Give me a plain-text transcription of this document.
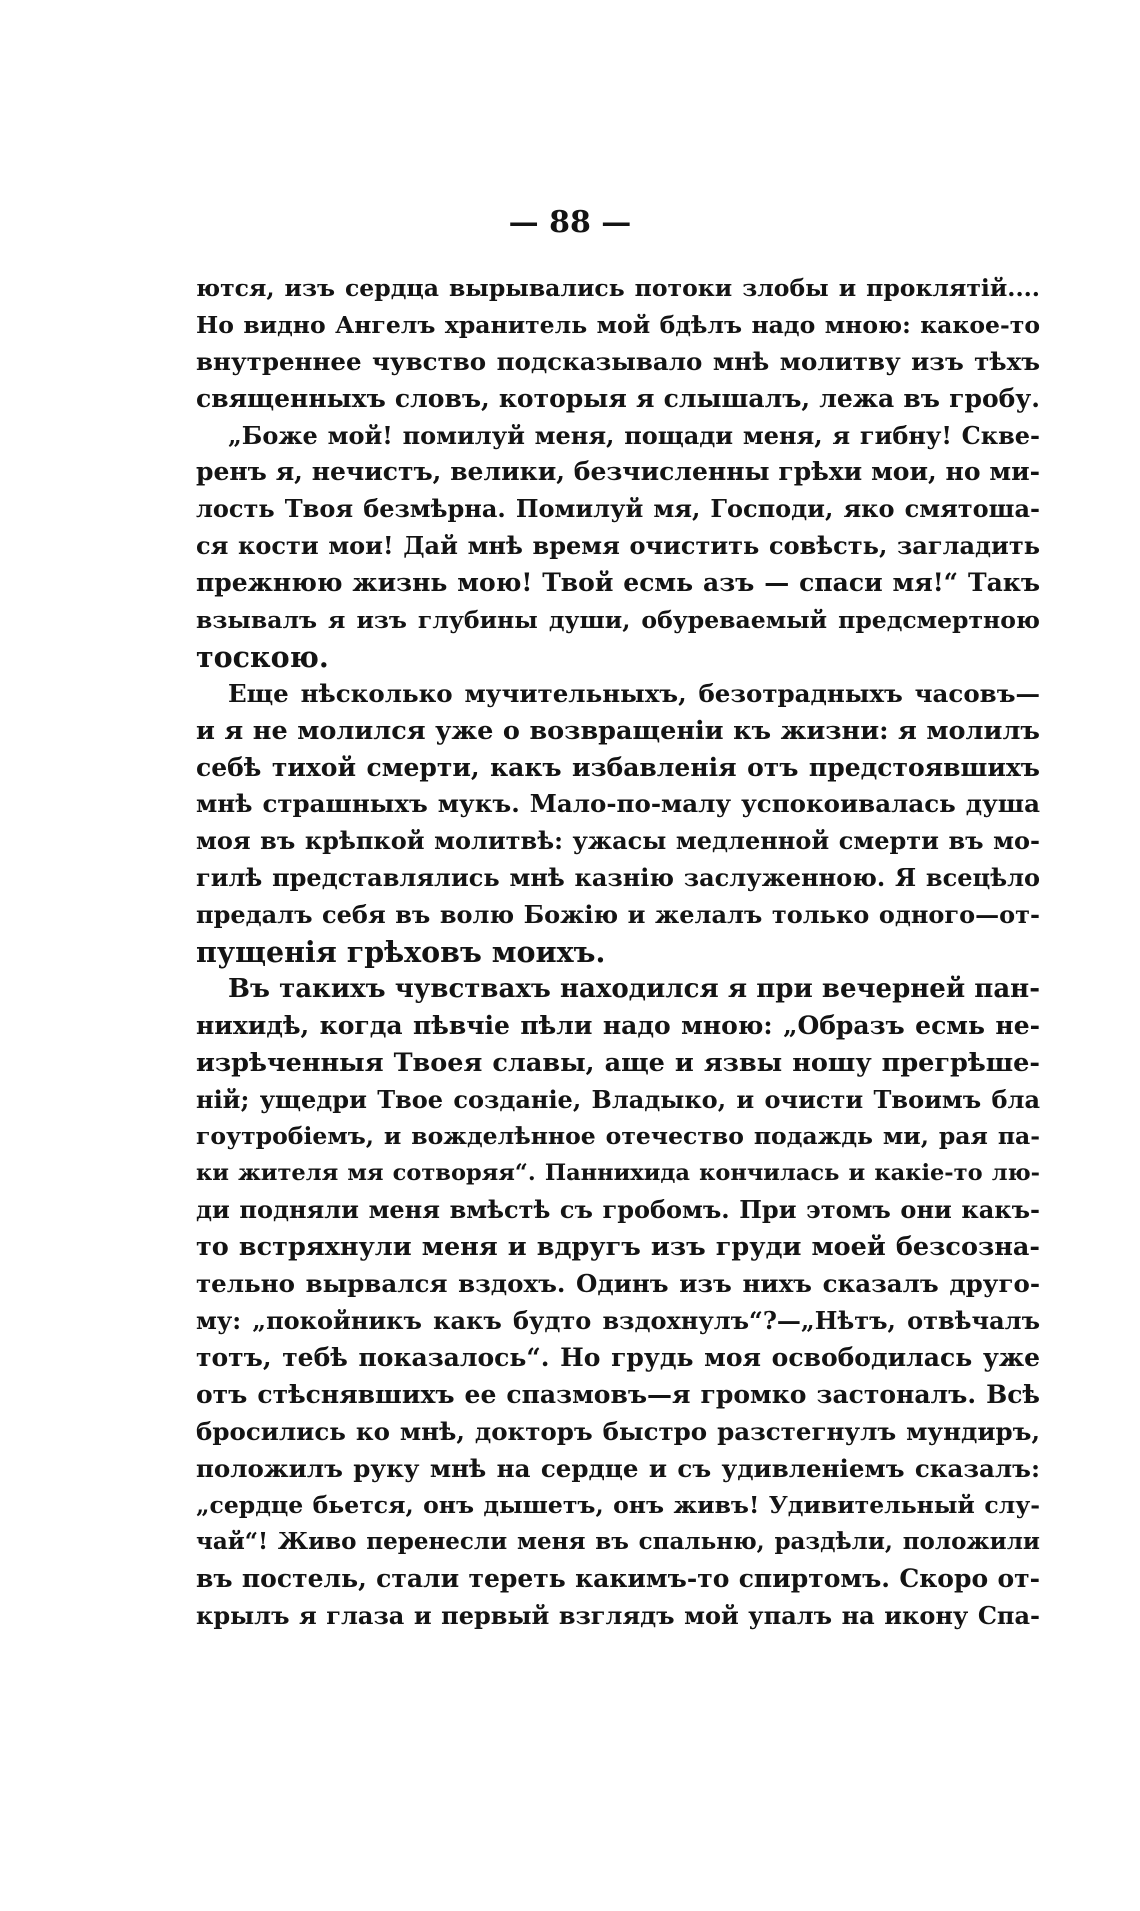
— 88 —
ются, изъ сердца вырывались потоки злобы и проклятій....
Но видно Ангелъ хранитель мой бдѣлъ надо мною: какое-то
внутреннее чувство подсказывало мнѣ молитву изъ тѣхъ
священныхъ словъ, которыя я слышалъ, лежа въ гробу.
„Боже мой! помилуй меня, пощади меня, я гибну! Скве-
ренъ я, нечистъ, велики, безчисленны грѣхи мои, но ми-
лость Твоя безмѣрна. Помилуй мя, Господи, яко смятоша-
ся кости мои! Дай мнѣ время очистить совѣсть, загладить
прежнюю жизнь мою! Твой есмь азъ — спаси мя!“ Такъ
взывалъ я изъ глубины души, обуреваемый предсмертною
тоскою.
Еще нѣсколько мучительныхъ, безотрадныхъ часовъ—
и я не молился уже о возвращеніи къ жизни: я молилъ
себѣ тихой смерти, какъ избавленія отъ предстоявшихъ
мнѣ страшныхъ мукъ. Мало-по-малу успокоивалась душа
моя въ крѣпкой молитвѣ: ужасы медленной смерти въ мо-
гилѣ представлялись мнѣ казнію заслуженною. Я всецѣло
предалъ себя въ волю Божію и желалъ только одного—от-
пущенія грѣховъ моихъ.
Въ такихъ чувствахъ находился я при вечерней пан-
нихидѣ, когда пѣвчіе пѣли надо мною: „Образъ есмь не-
изрѣченныя Твоея славы, аще и язвы ношу прегрѣше-
ній; ущедри Твое созданіе, Владыко, и очисти Твоимъ бла
гоутробіемъ, и вожделѣнное отечество подаждь ми, рая па-
ки жителя мя сотворяя“. Паннихида кончилась и какіе-то лю-
ди подняли меня вмѣстѣ съ гробомъ. При этомъ они какъ-
то встряхнули меня и вдругъ изъ груди моей безсозна-
тельно вырвался вздохъ. Одинъ изъ нихъ сказалъ друго-
му: „покойникъ какъ будто вздохнулъ“?—„Нѣтъ, отвѣчалъ
тотъ, тебѣ показалось“. Но грудь моя освободилась уже
отъ стѣснявшихъ ее спазмовъ—я громко застоналъ. Всѣ
бросились ко мнѣ, докторъ быстро разстегнулъ мундиръ,
положилъ руку мнѣ на сердце и съ удивленіемъ сказалъ:
„сердце бьется, онъ дышетъ, онъ живъ! Удивительный слу-
чай“! Живо перенесли меня въ спальню, раздѣли, положили
въ постель, стали тереть какимъ-то спиртомъ. Скоро от-
крылъ я глаза и первый взглядъ мой упалъ на икону Спа-
